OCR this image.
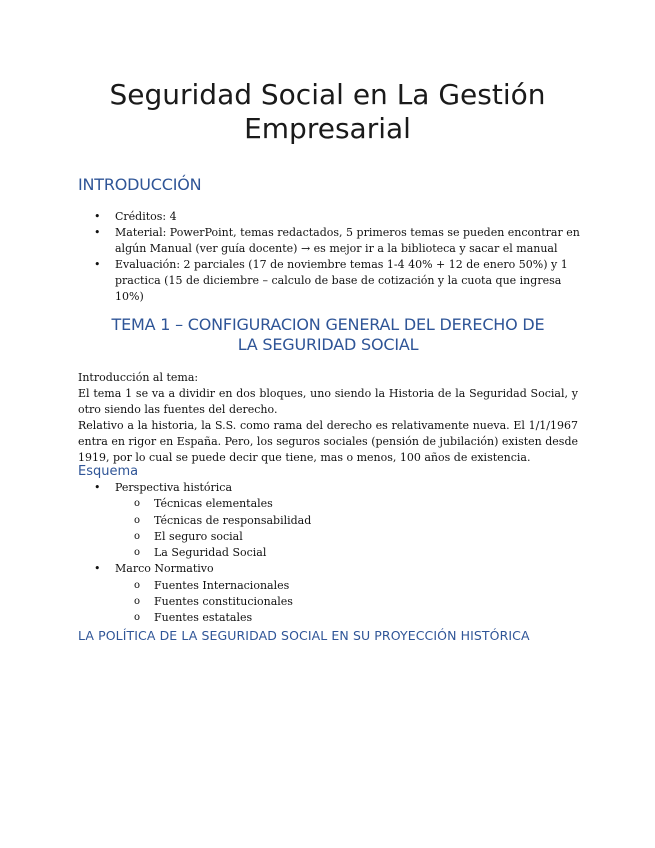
Seguridad Social en La Gestión
Empresarial
INTRODUCCIÓN
• Créditos: 4
• Material: PowerPoint, temas redactados, 5 primeros temas se pueden encontrar en algún Manual (ver guía docente) → es mejor ir a la biblioteca y sacar el manual
• Evaluación: 2 parciales (17 de noviembre temas 1-4 40% + 12 de enero 50%) y 1 practica (15 de diciembre – calculo de base de cotización y la cuota que ingresa 10%)
TEMA 1 – CONFIGURACION GENERAL DEL DERECHO DE
LA SEGURIDAD SOCIAL

Introducción al tema:

El tema 1 se va a dividir en dos bloques, uno siendo la Historia de la Seguridad Social, y otro siendo las fuentes del derecho.

Relativo a la historia, la S.S. como rama del derecho es relativamente nueva. El 1/1/1967 entra en rigor en España. Pero, los seguros sociales (pensión de jubilación) existen desde 1919, por lo cual se puede decir que tiene, mas o menos, 100 años de existencia.

Esquema
• Perspectiva histórica
o Técnicas elementales
o Técnicas de responsabilidad
o El seguro social
o La Seguridad Social
• Marco Normativo
o Fuentes Internacionales
o Fuentes constitucionales
o Fuentes estatales
LA POLÍTICA DE LA SEGURIDAD SOCIAL EN SU PROYECCIÓN HISTÓRICA
